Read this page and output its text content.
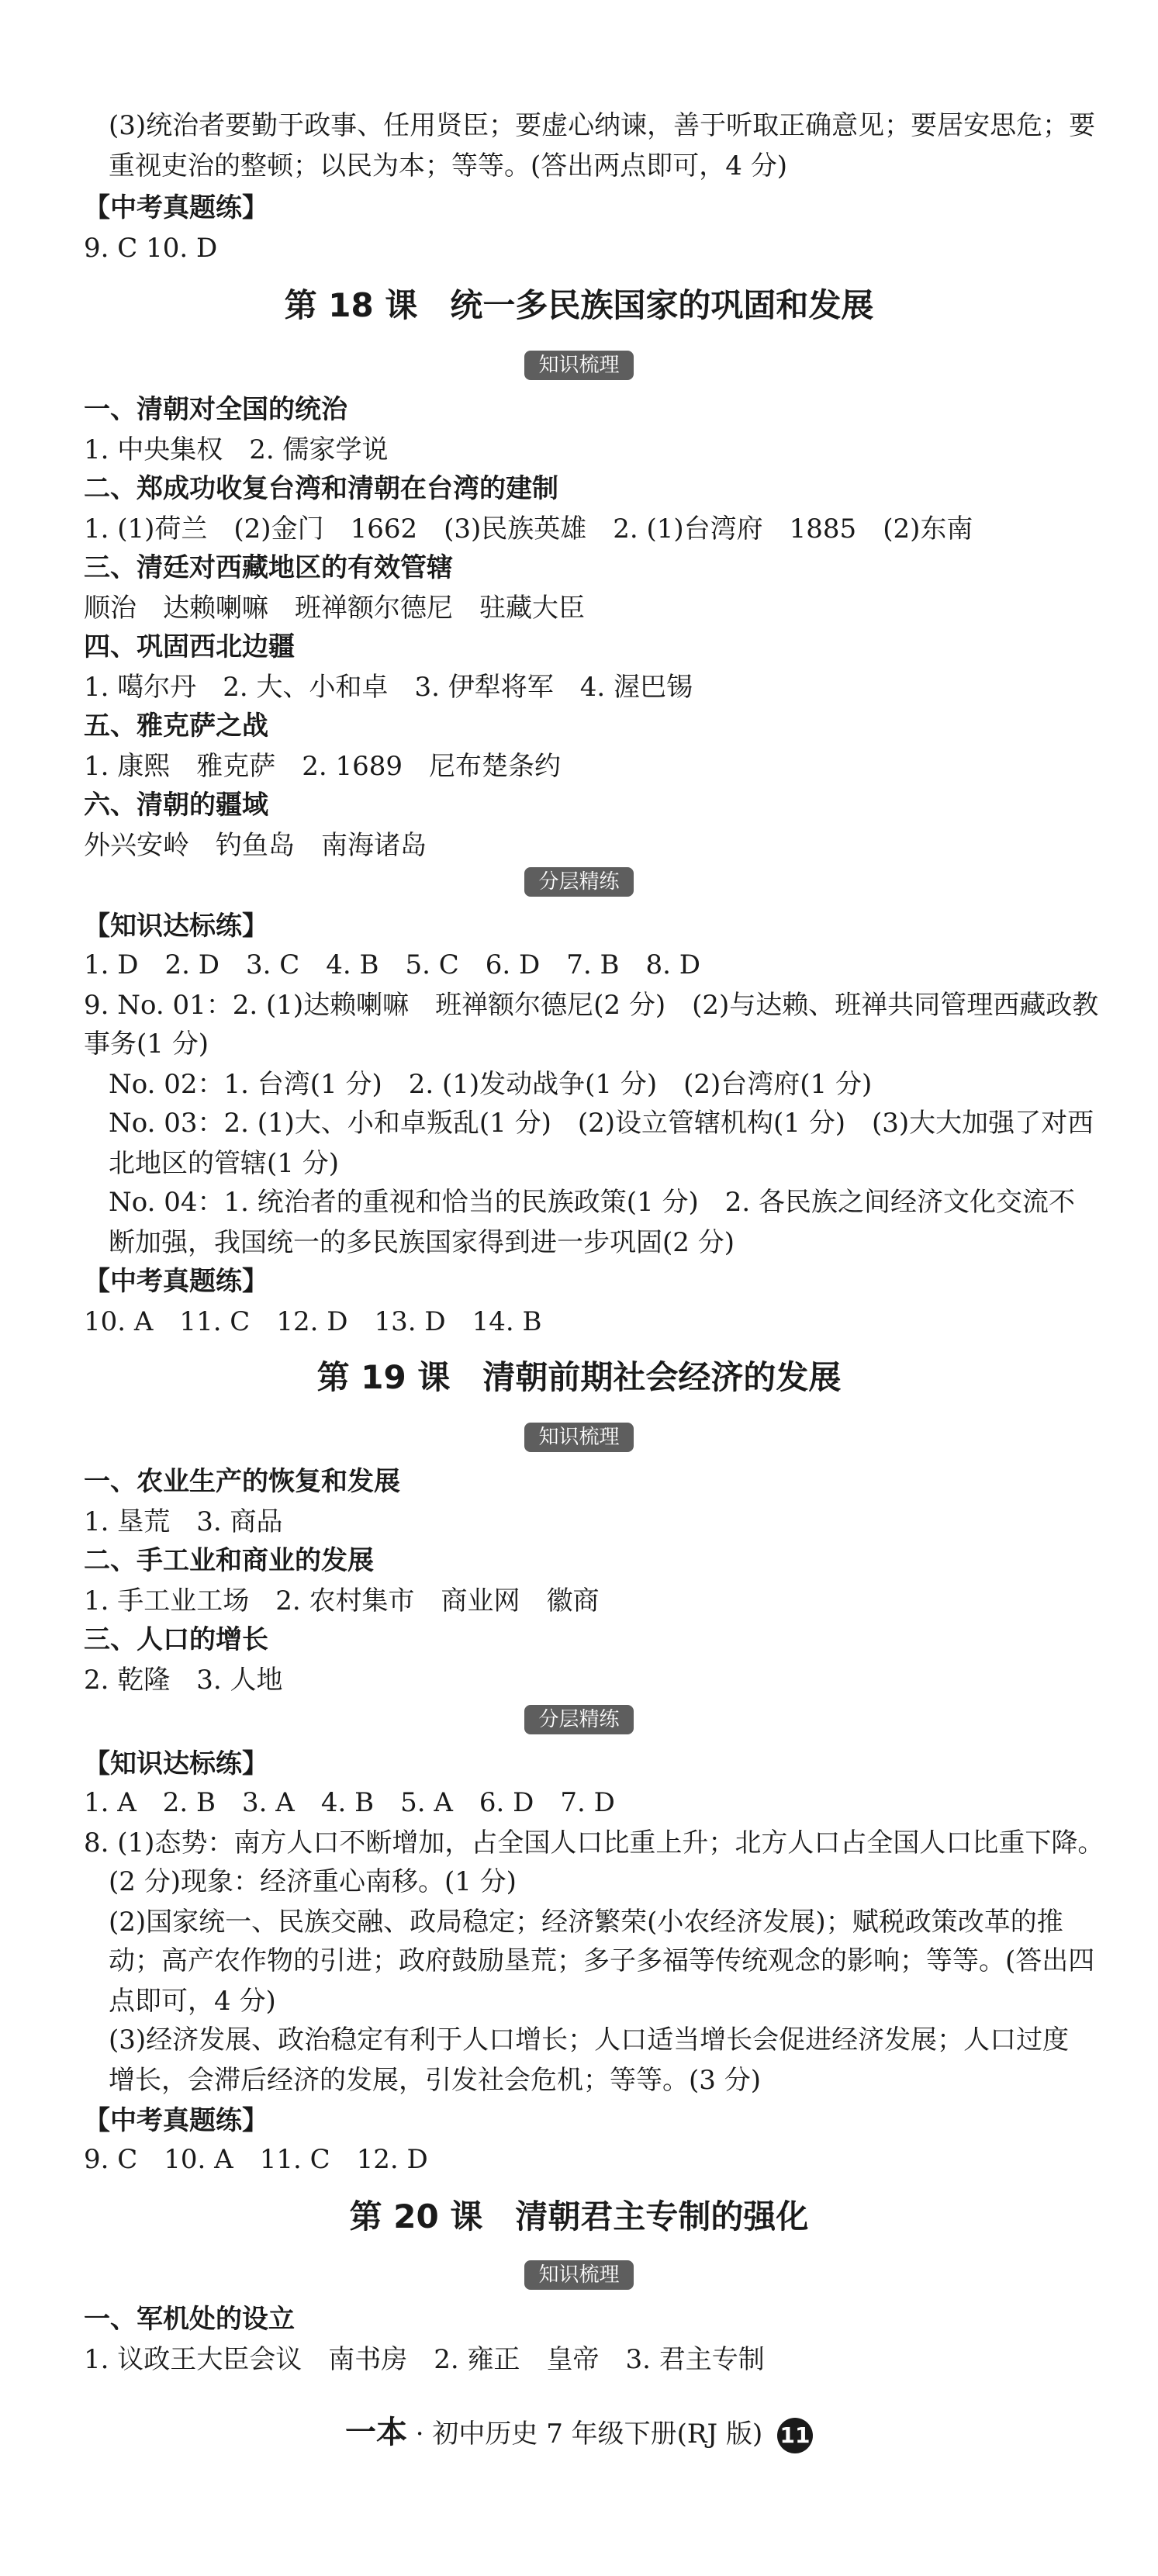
(3)统治者要勤于政事、任用贤臣；要虚心纳谏，善于听取正确意见；要居安思危；要
重视吏治的整顿；以民为本；等等。(答出两点即可，4 分)
【中考真题练】
9. C 10. D
第 18 课　统一多民族国家的巩固和发展
知识梳理
一、清朝对全国的统治
1. 中央集权　2. 儒家学说
二、郑成功收复台湾和清朝在台湾的建制
1. (1)荷兰　(2)金门　1662　(3)民族英雄　2. (1)台湾府　1885　(2)东南
三、清廷对西藏地区的有效管辖
顺治　达赖喇嘛　班禅额尔德尼　驻藏大臣
四、巩固西北边疆
1. 噶尔丹　2. 大、小和卓　3. 伊犁将军　4. 渥巴锡
五、雅克萨之战
1. 康熙　雅克萨　2. 1689　尼布楚条约
六、清朝的疆域
外兴安岭　钓鱼岛　南海诸岛
分层精练
【知识达标练】
1. D　2. D　3. C　4. B　5. C　6. D　7. B　8. D
9. No. 01：2. (1)达赖喇嘛　班禅额尔德尼(2 分)　(2)与达赖、班禅共同管理西藏政教
事务(1 分)
No. 02：1. 台湾(1 分)　2. (1)发动战争(1 分)　(2)台湾府(1 分)
No. 03：2. (1)大、小和卓叛乱(1 分)　(2)设立管辖机构(1 分)　(3)大大加强了对西
北地区的管辖(1 分)
No. 04：1. 统治者的重视和恰当的民族政策(1 分)　2. 各民族之间经济文化交流不
断加强，我国统一的多民族国家得到进一步巩固(2 分)
【中考真题练】
10. A　11. C　12. D　13. D　14. B
第 19 课　清朝前期社会经济的发展
知识梳理
一、农业生产的恢复和发展
1. 垦荒　3. 商品
二、手工业和商业的发展
1. 手工业工场　2. 农村集市　商业网　徽商
三、人口的增长
2. 乾隆　3. 人地
分层精练
【知识达标练】
1. A　2. B　3. A　4. B　5. A　6. D　7. D
8. (1)态势：南方人口不断增加，占全国人口比重上升；北方人口占全国人口比重下降。
(2 分)现象：经济重心南移。(1 分)
(2)国家统一、民族交融、政局稳定；经济繁荣(小农经济发展)；赋税政策改革的推
动；高产农作物的引进；政府鼓励垦荒；多子多福等传统观念的影响；等等。(答出四
点即可，4 分)
(3)经济发展、政治稳定有利于人口增长；人口适当增长会促进经济发展；人口过度
增长，会滞后经济的发展，引发社会危机；等等。(3 分)
【中考真题练】
9. C　10. A　11. C　12. D
第 20 课　清朝君主专制的强化
知识梳理
一、军机处的设立
1. 议政王大臣会议　南书房　2. 雍正　皇帝　3. 君主专制
一本 · 初中历史 7 年级下册(RJ 版) 11
